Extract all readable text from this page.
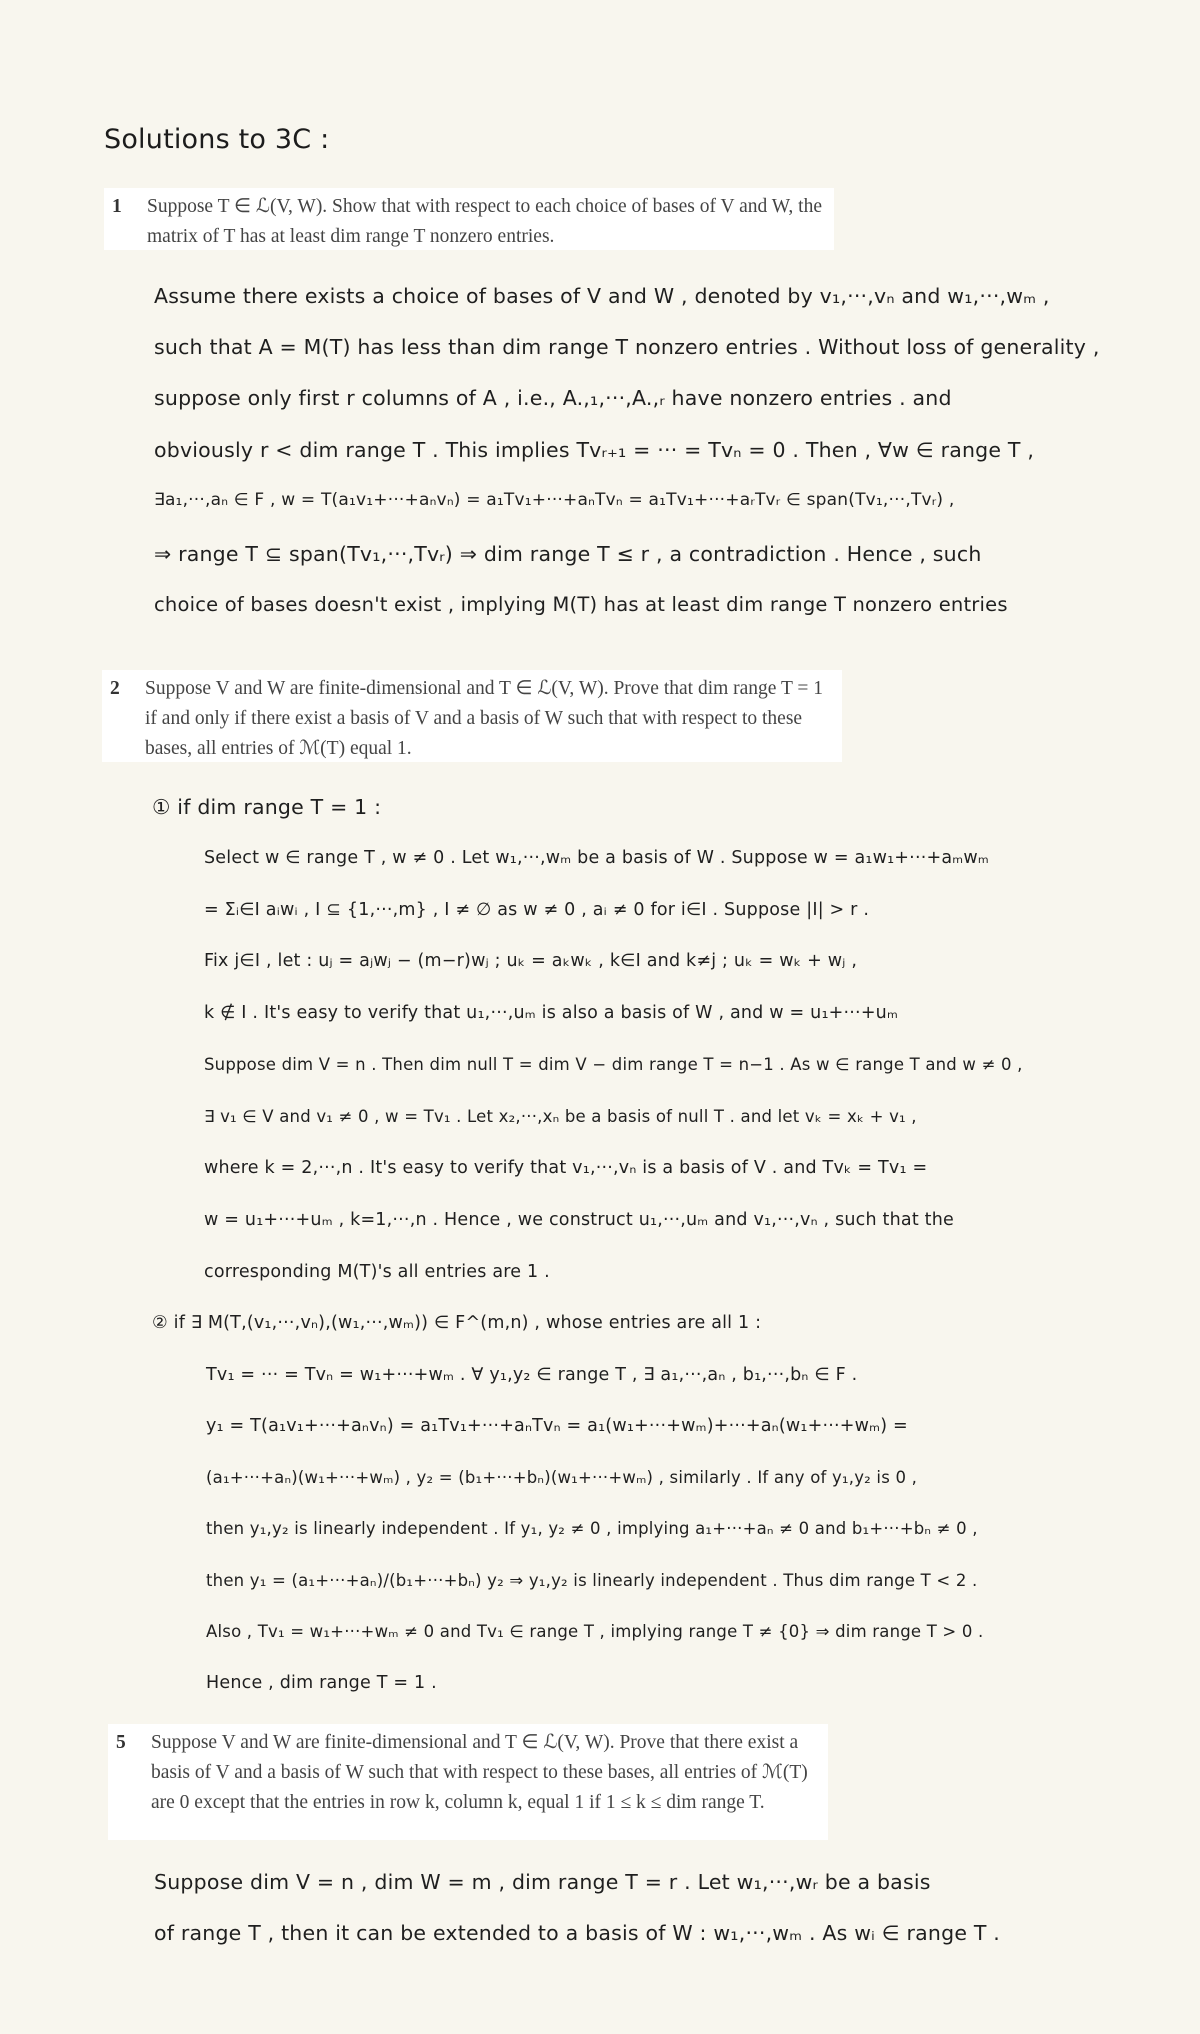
Solutions to 3C :
1 Suppose T ∈ ℒ(V, W). Show that with respect to each choice of bases of V and W, the matrix of T has at least dim range T nonzero entries.
Assume there exists a choice of bases of V and W , denoted by v₁,···,vₙ and w₁,···,wₘ ,
such that A = M(T) has less than dim range T nonzero entries . Without loss of generality ,
suppose only first r columns of A , i.e., A.,₁,···,A.,ᵣ have nonzero entries . and
obviously r < dim range T . This implies Tvᵣ₊₁ = ··· = Tvₙ = 0 . Then , ∀w ∈ range T ,
∃a₁,···,aₙ ∈ F , w = T(a₁v₁+···+aₙvₙ) = a₁Tv₁+···+aₙTvₙ = a₁Tv₁+···+aᵣTvᵣ ∈ span(Tv₁,···,Tvᵣ) ,
⇒ range T ⊆ span(Tv₁,···,Tvᵣ) ⇒ dim range T ≤ r , a contradiction . Hence , such
choice of bases doesn't exist , implying M(T) has at least dim range T nonzero entries
2 Suppose V and W are finite-dimensional and T ∈ ℒ(V, W). Prove that dim range T = 1 if and only if there exist a basis of V and a basis of W such that with respect to these bases, all entries of ℳ(T) equal 1.
① if dim range T = 1 :
Select w ∈ range T , w ≠ 0 . Let w₁,···,wₘ be a basis of W . Suppose w = a₁w₁+···+aₘwₘ
= Σᵢ∈I aᵢwᵢ , I ⊆ {1,···,m} , I ≠ ∅ as w ≠ 0 , aᵢ ≠ 0 for i∈I . Suppose |I| > r .
Fix j∈I , let : uⱼ = aⱼwⱼ − (m−r)wⱼ ; uₖ = aₖwₖ , k∈I and k≠j ; uₖ = wₖ + wⱼ ,
k ∉ I . It's easy to verify that u₁,···,uₘ is also a basis of W , and w = u₁+···+uₘ
Suppose dim V = n . Then dim null T = dim V − dim range T = n−1 . As w ∈ range T and w ≠ 0 ,
∃ v₁ ∈ V and v₁ ≠ 0 , w = Tv₁ . Let x₂,···,xₙ be a basis of null T . and let vₖ = xₖ + v₁ ,
where k = 2,···,n . It's easy to verify that v₁,···,vₙ is a basis of V . and Tvₖ = Tv₁ =
w = u₁+···+uₘ , k=1,···,n . Hence , we construct u₁,···,uₘ and v₁,···,vₙ , such that the
corresponding M(T)'s all entries are 1 .
② if ∃ M(T,(v₁,···,vₙ),(w₁,···,wₘ)) ∈ F^(m,n) , whose entries are all 1 :
Tv₁ = ··· = Tvₙ = w₁+···+wₘ . ∀ y₁,y₂ ∈ range T , ∃ a₁,···,aₙ , b₁,···,bₙ ∈ F .
y₁ = T(a₁v₁+···+aₙvₙ) = a₁Tv₁+···+aₙTvₙ = a₁(w₁+···+wₘ)+···+aₙ(w₁+···+wₘ) =
(a₁+···+aₙ)(w₁+···+wₘ) , y₂ = (b₁+···+bₙ)(w₁+···+wₘ) , similarly . If any of y₁,y₂ is 0 ,
then y₁,y₂ is linearly independent . If y₁, y₂ ≠ 0 , implying a₁+···+aₙ ≠ 0 and b₁+···+bₙ ≠ 0 ,
then y₁ = (a₁+···+aₙ)/(b₁+···+bₙ) y₂ ⇒ y₁,y₂ is linearly independent . Thus dim range T < 2 .
Also , Tv₁ = w₁+···+wₘ ≠ 0 and Tv₁ ∈ range T , implying range T ≠ {0} ⇒ dim range T > 0 .
Hence , dim range T = 1 .
5 Suppose V and W are finite-dimensional and T ∈ ℒ(V, W). Prove that there exist a basis of V and a basis of W such that with respect to these bases, all entries of ℳ(T) are 0 except that the entries in row k, column k, equal 1 if 1 ≤ k ≤ dim range T.
Suppose dim V = n , dim W = m , dim range T = r . Let w₁,···,wᵣ be a basis
of range T , then it can be extended to a basis of W : w₁,···,wₘ . As wᵢ ∈ range T .
